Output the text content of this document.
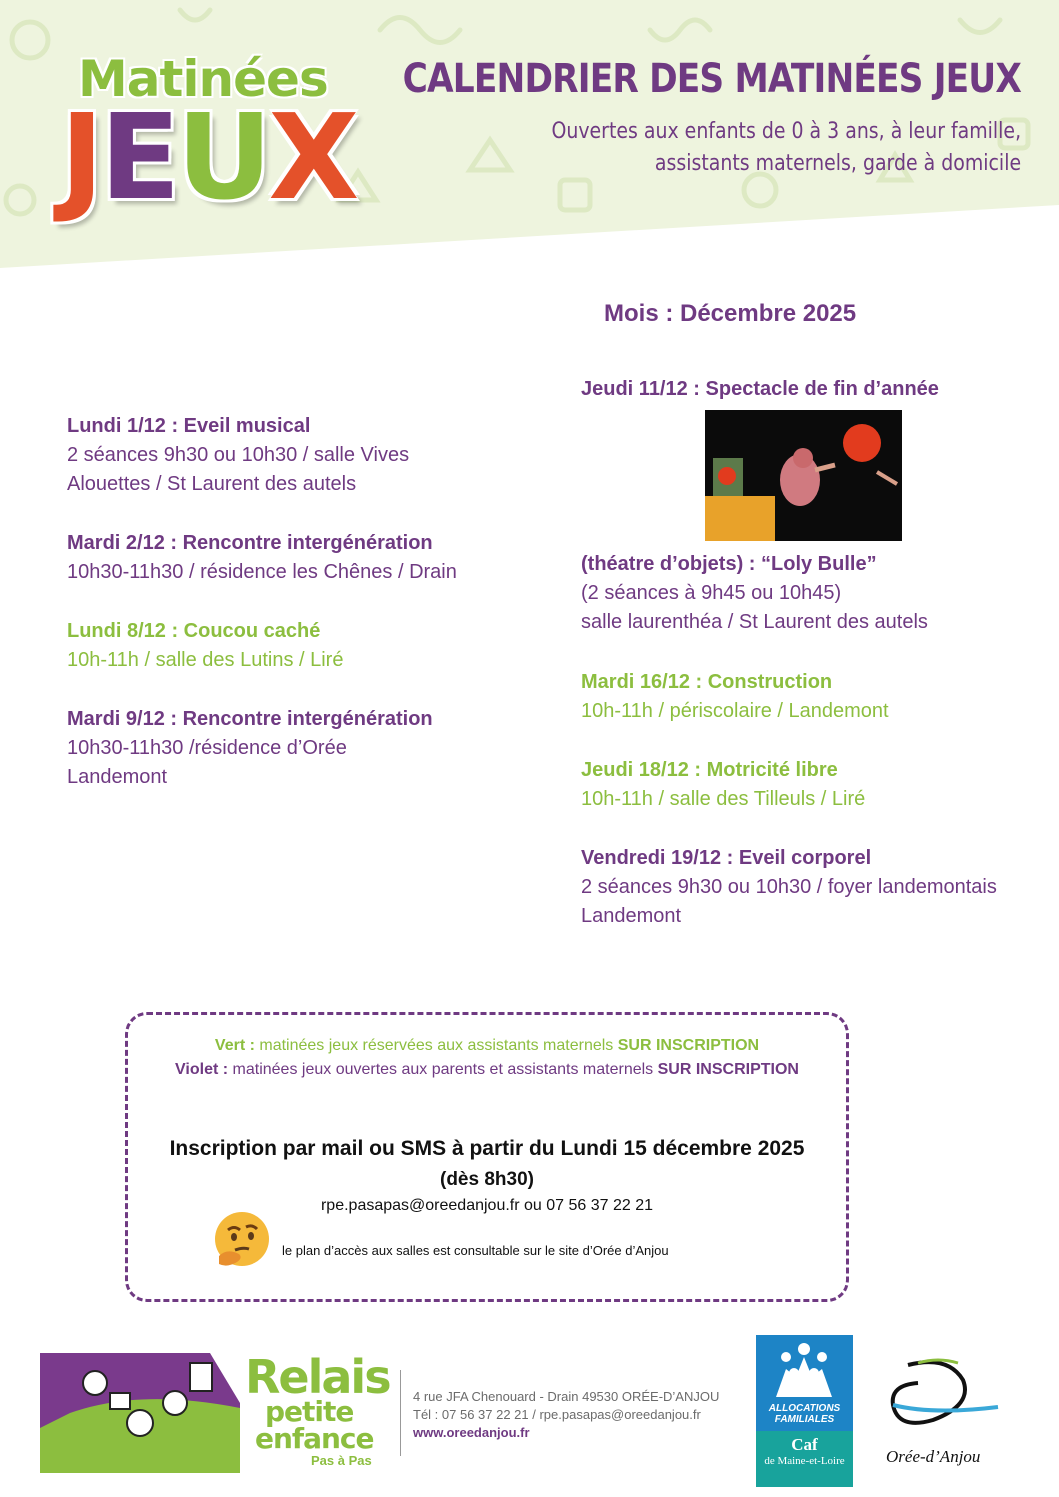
Matinées
JEUX
CALENDRIER DES MATINÉES JEUX
Ouvertes aux enfants de 0 à 3 ans, à leur famille,
assistants maternels, garde à domicile
Mois : Décembre 2025
Lundi 1/12 : Eveil musical
2 séances 9h30 ou 10h30 / salle Vives
Alouettes / St Laurent des autels
Mardi 2/12 : Rencontre intergénération
10h30-11h30 / résidence les Chênes / Drain
Lundi 8/12 : Coucou caché
10h-11h / salle des Lutins / Liré
Mardi 9/12 : Rencontre intergénération
10h30-11h30 /résidence d’Orée
Landemont
Jeudi 11/12 : Spectacle de fin d’année
(théatre d’objets) : “Loly Bulle”
(2 séances à 9h45 ou 10h45)
salle laurenthéa / St Laurent des autels
Mardi 16/12 : Construction
10h-11h / périscolaire / Landemont
Jeudi 18/12 : Motricité libre
10h-11h / salle des Tilleuls / Liré
Vendredi 19/12 : Eveil corporel
2 séances 9h30 ou 10h30 / foyer landemontais
Landemont
Vert : matinées jeux réservées aux assistants maternels SUR INSCRIPTION
Violet : matinées jeux ouvertes aux parents et assistants maternels SUR INSCRIPTION
Inscription par mail ou SMS à partir du Lundi 15 décembre 2025
(dès 8h30)
rpe.pasapas@oreedanjou.fr ou 07 56 37 22 21
le plan d’accès aux salles est consultable sur le site d’Orée d’Anjou
Relais
petite
enfance
Pas à Pas
4 rue JFA Chenouard - Drain 49530 ORÉE-D’ANJOU
Tél : 07 56 37 22 21 / rpe.pasapas@oreedanjou.fr
www.oreedanjou.fr
ALLOCATIONS FAMILIALES
Caf
de Maine-et-Loire	Orée-d’Anjou
